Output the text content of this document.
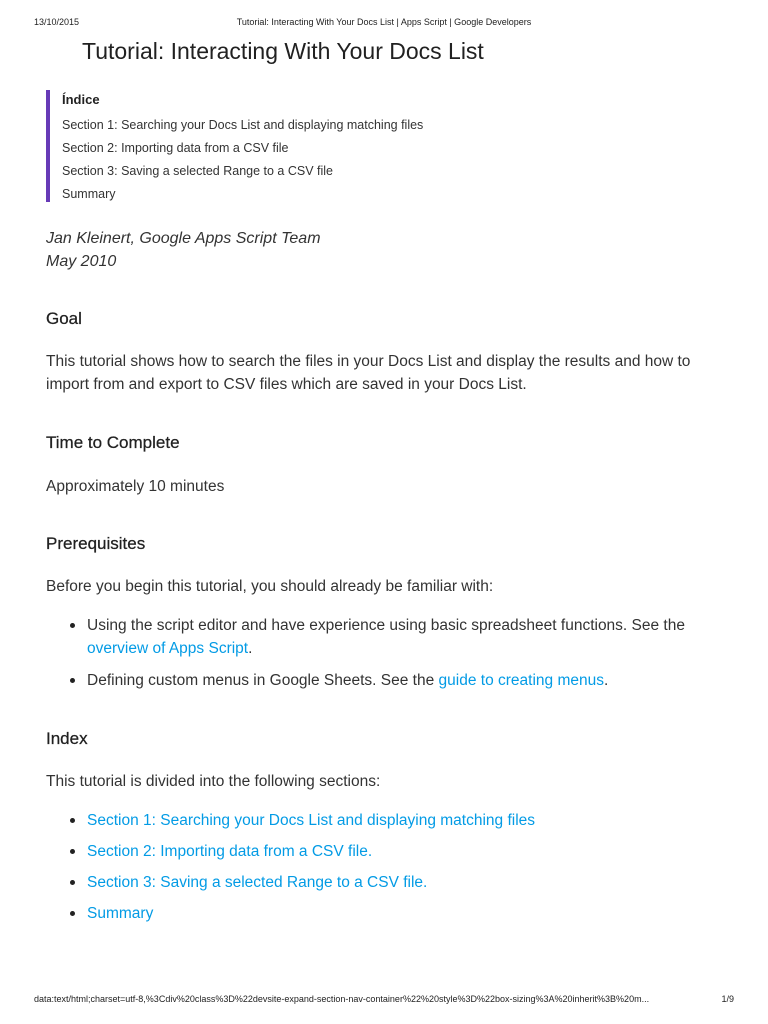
13/10/2015	Tutorial: Interacting With Your Docs List | Apps Script | Google Developers
Tutorial: Interacting With Your Docs List
Índice
Section 1: Searching your Docs List and displaying matching files
Section 2: Importing data from a CSV file
Section 3: Saving a selected Range to a CSV file
Summary
Jan Kleinert, Google Apps Script Team
May 2010
Goal

This tutorial shows how to search the files in your Docs List and display the results and how to import from and export to CSV files which are saved in your Docs List.

Time to Complete

Approximately 10 minutes

Prerequisites

Before you begin this tutorial, you should already be familiar with:

Using the script editor and have experience using basic spreadsheet functions. See the overview of Apps Script.
Defining custom menus in Google Sheets. See the guide to creating menus.
Index

This tutorial is divided into the following sections:

Section 1: Searching your Docs List and displaying matching files
Section 2: Importing data from a CSV file.
Section 3: Saving a selected Range to a CSV file.
Summary
data:text/html;charset=utf-8,%3Cdiv%20class%3D%22devsite-expand-section-nav-container%22%20style%3D%22box-sizing%3A%20inherit%3B%20m...	1/9
